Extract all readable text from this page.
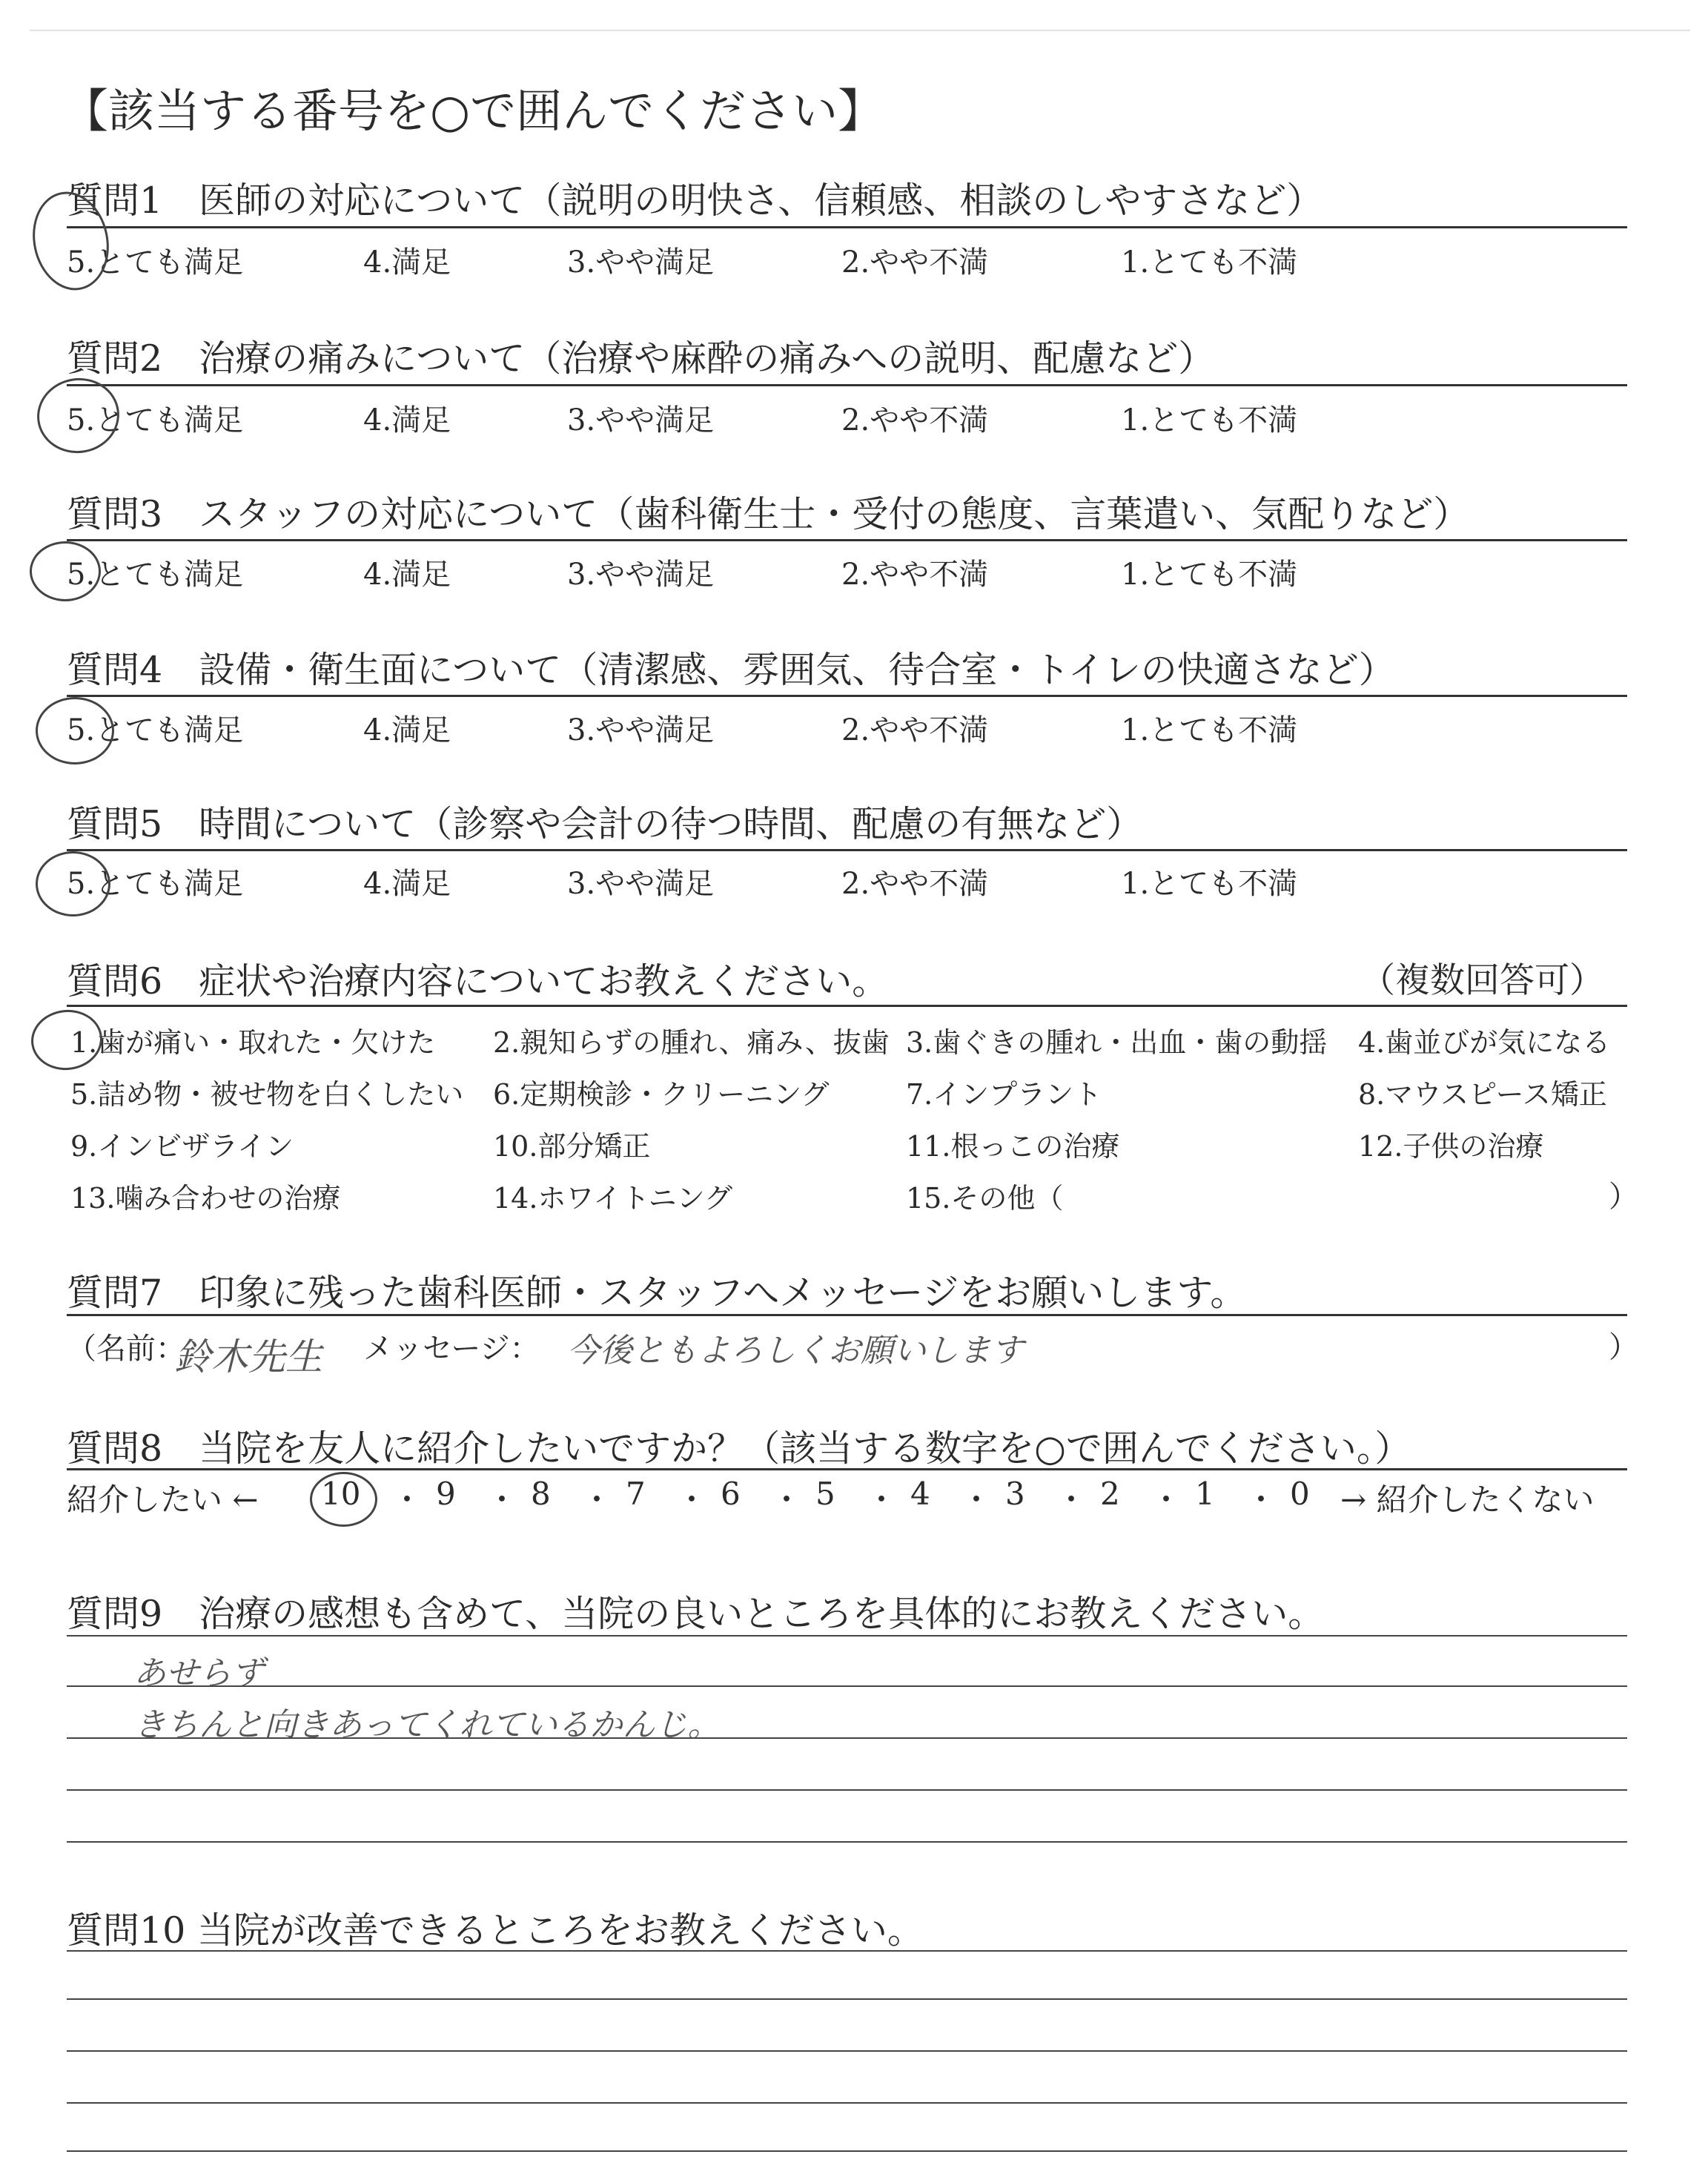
【該当する番号を○で囲んでください】
質問1　医師の対応について（説明の明快さ、信頼感、相談のしやすさなど）
5.とても満足	4.満足	3.やや満足	2.やや不満	1.とても不満
質問2　治療の痛みについて（治療や麻酔の痛みへの説明、配慮など）
5.とても満足	4.満足	3.やや満足	2.やや不満	1.とても不満
質問3　スタッフの対応について（歯科衛生士・受付の態度、言葉遣い、気配りなど）
5.とても満足	4.満足	3.やや満足	2.やや不満	1.とても不満
質問4　設備・衛生面について（清潔感、雰囲気、待合室・トイレの快適さなど）
5.とても満足	4.満足	3.やや満足	2.やや不満	1.とても不満
質問5　時間について（診察や会計の待つ時間、配慮の有無など）
5.とても満足	4.満足	3.やや満足	2.やや不満	1.とても不満
質問6　症状や治療内容についてお教えください。	（複数回答可）
1.歯が痛い・取れた・欠けた 2.親知らずの腫れ、痛み、抜歯 3.歯ぐきの腫れ・出血・歯の動揺 4.歯並びが気になる
5.詰め物・被せ物を白くしたい 6.定期検診・クリーニング	7.インプラント	8.マウスピース矯正
9.インビザライン	10.部分矯正	11.根っこの治療	12.子供の治療
13.噛み合わせの治療	14.ホワイトニング	15.その他（	）
質問7　印象に残った歯科医師・スタッフへメッセージをお願いします。
（名前：
鈴木先生 メッセージ： 今後ともよろしくお願いします	）
質問8　当院を友人に紹介したいですか？（該当する数字を○で囲んでください。）
紹介したい ←	→ 紹介したくない
10 ・ 9 ・ 8 ・ 7 ・ 6 ・ 5 ・ 4 ・ 3 ・ 2 ・ 1 ・ 0
質問9　治療の感想も含めて、当院の良いところを具体的にお教えください。
あせらず
きちんと向きあってくれているかんじ。
質問10 当院が改善できるところをお教えください。
